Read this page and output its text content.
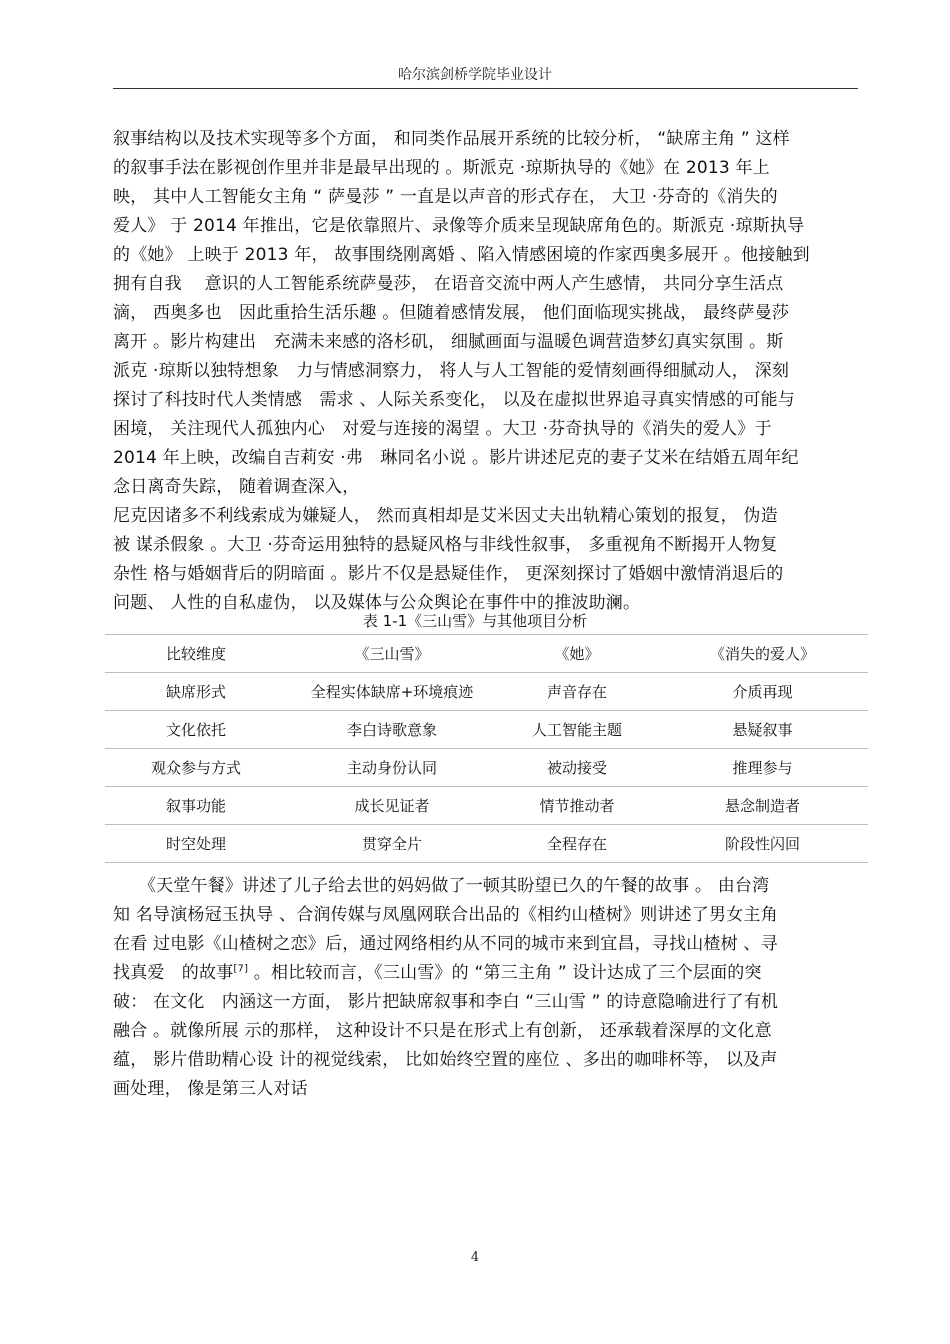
哈尔滨剑桥学院毕业设计
叙事结构以及技术实现等多个方面， 和同类作品展开系统的比较分析， “缺席主角 ” 这样
的叙事手法在影视创作里并非是最早出现的 。斯派克 ·琼斯执导的《她》在 2013 年上
映， 其中人工智能女主角 “ 萨曼莎 ” 一直是以声音的形式存在， 大卫 ·芬奇的《消失的
爱人》 于 2014 年推出，它是依靠照片、录像等介质来呈现缺席角色的。斯派克 ·琼斯执导
的《她》 上映于 2013 年， 故事围绕刚离婚 、陷入情感困境的作家西奥多展开 。他接触到
拥有自我　 意识的人工智能系统萨曼莎， 在语音交流中两人产生感情， 共同分享生活点
滴， 西奥多也　因此重拾生活乐趣 。但随着感情发展， 他们面临现实挑战， 最终萨曼莎
离开 。影片构建出　充满未来感的洛杉矶， 细腻画面与温暖色调营造梦幻真实氛围 。斯
派克 ·琼斯以独特想象　力与情感洞察力， 将人与人工智能的爱情刻画得细腻动人， 深刻
探讨了科技时代人类情感　需求 、人际关系变化， 以及在虚拟世界追寻真实情感的可能与
困境， 关注现代人孤独内心　对爱与连接的渴望 。大卫 ·芬奇执导的《消失的爱人》于
2014 年上映，改编自吉莉安 ·弗　琳同名小说 。影片讲述尼克的妻子艾米在结婚五周年纪
念日离奇失踪， 随着调查深入，
尼克因诸多不利线索成为嫌疑人， 然而真相却是艾米因丈夫出轨精心策划的报复， 伪造
被 谋杀假象 。大卫 ·芬奇运用独特的悬疑风格与非线性叙事， 多重视角不断揭开人物复
杂性 格与婚姻背后的阴暗面 。影片不仅是悬疑佳作， 更深刻探讨了婚姻中激情消退后的
问题、 人性的自私虚伪， 以及媒体与公众舆论在事件中的推波助澜。
表 1-1《三山雪》与其他项目分析
比较维度	《三山雪》	《她》	《消失的爱人》
缺席形式	全程实体缺席+环境痕迹	声音存在	介质再现
文化依托	李白诗歌意象	人工智能主题	悬疑叙事
观众参与方式	主动身份认同	被动接受	推理参与
叙事功能	成长见证者	情节推动者	悬念制造者
时空处理	贯穿全片	全程存在	阶段性闪回
　　《天堂午餐》讲述了儿子给去世的妈妈做了一顿其盼望已久的午餐的故事 。 由台湾
知 名导演杨冠玉执导 、合润传媒与凤凰网联合出品的《相约山楂树》则讲述了男女主角
在看 过电影《山楂树之恋》后，通过网络相约从不同的城市来到宜昌，寻找山楂树 、寻
找真爱　的故事[7] 。相比较而言，《三山雪》的 “第三主角 ” 设计达成了三个层面的突
破： 在文化　内涵这一方面， 影片把缺席叙事和李白 “三山雪 ” 的诗意隐喻进行了有机
融合 。就像所展 示的那样， 这种设计不只是在形式上有创新， 还承载着深厚的文化意
蕴， 影片借助精心设 计的视觉线索， 比如始终空置的座位 、多出的咖啡杯等， 以及声
画处理， 像是第三人对话
4
